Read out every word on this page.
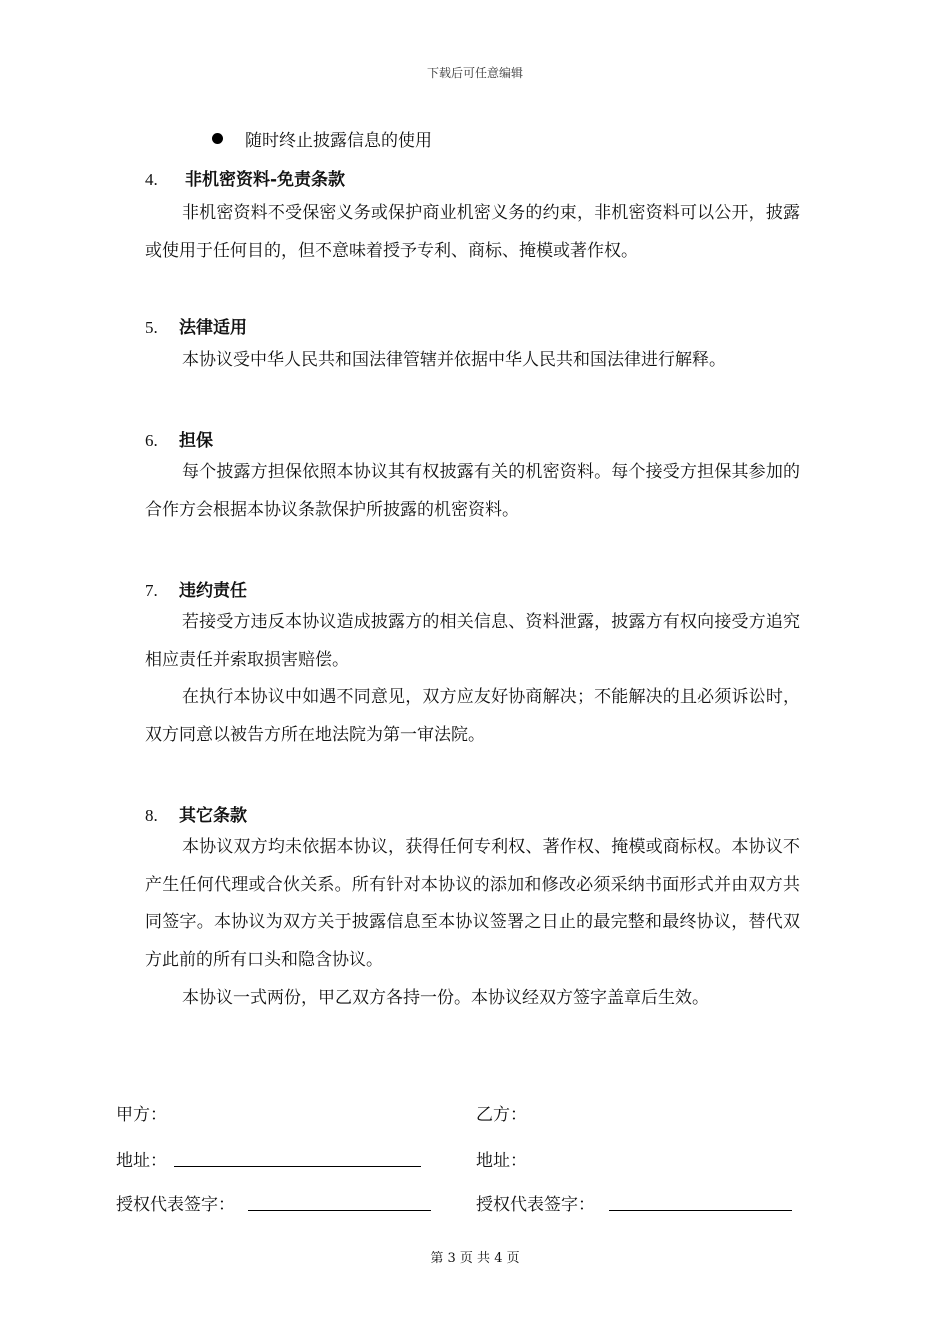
下载后可任意编辑
随时终止披露信息的使用
4. 非机密资料-免责条款

非机密资料不受保密义务或保护商业机密义务的约束，非机密资料可以公开，披露或使用于任何目的，但不意味着授予专利、商标、掩模或著作权。

5. 法律适用

本协议受中华人民共和国法律管辖并依据中华人民共和国法律进行解释。

6. 担保

每个披露方担保依照本协议其有权披露有关的机密资料。每个接受方担保其参加的合作方会根据本协议条款保护所披露的机密资料。

7. 违约责任

若接受方违反本协议造成披露方的相关信息、资料泄露，披露方有权向接受方追究相应责任并索取损害赔偿。

在执行本协议中如遇不同意见，双方应友好协商解决；不能解决的且必须诉讼时，双方同意以被告方所在地法院为第一审法院。

8. 其它条款

本协议双方均未依据本协议，获得任何专利权、著作权、掩模或商标权。本协议不产生任何代理或合伙关系。所有针对本协议的添加和修改必须采纳书面形式并由双方共同签字。本协议为双方关于披露信息至本协议签署之日止的最完整和最终协议，替代双方此前的所有口头和隐含协议。

本协议一式两份，甲乙双方各持一份。本协议经双方签字盖章后生效。

甲方：	乙方：
地址：	地址：
授权代表签字：	授权代表签字：
第 3 页 共 4 页
